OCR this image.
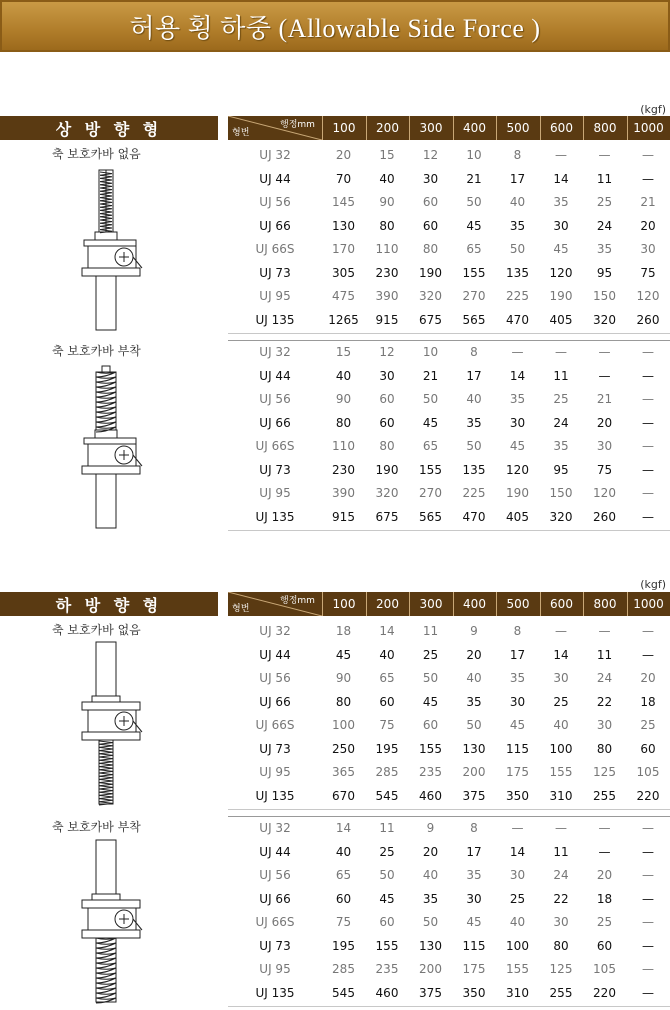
허용 횡 하중 (Allowable Side Force )
(kgf)
상 방 향 형	형번
행정mm	100	200	300	400	500	600	800	1000
축 보호카바 없음	UJ 32	20	15	12	10	8	—	—	—
UJ 44	70	40	30	21	17	14	11	—
UJ 56	145	90	60	50	40	35	25	21
UJ 66	130	80	60	45	35	30	24	20
UJ 66S	170	110	80	65	50	45	35	30
UJ 73	305	230	190	155	135	120	95	75
UJ 95	475	390	320	270	225	190	150	120
UJ 135	1265	915	675	565	470	405	320	260
축 보호카바 부착	UJ 32	15	12	10	8	—	—	—	—
UJ 44	40	30	21	17	14	11	—	—
UJ 56	90	60	50	40	35	25	21	—
UJ 66	80	60	45	35	30	24	20	—
UJ 66S	110	80	65	50	45	35	30	—
UJ 73	230	190	155	135	120	95	75	—
UJ 95	390	320	270	225	190	150	120	—
UJ 135	915	675	565	470	405	320	260	—
(kgf)
하 방 향 형	형번
행정mm	100	200	300	400	500	600	800	1000
축 보호카바 없음	UJ 32	18	14	11	9	8	—	—	—
UJ 44	45	40	25	20	17	14	11	—
UJ 56	90	65	50	40	35	30	24	20
UJ 66	80	60	45	35	30	25	22	18
UJ 66S	100	75	60	50	45	40	30	25
UJ 73	250	195	155	130	115	100	80	60
UJ 95	365	285	235	200	175	155	125	105
UJ 135	670	545	460	375	350	310	255	220
축 보호카바 부착	UJ 32	14	11	9	8	—	—	—	—
UJ 44	40	25	20	17	14	11	—	—
UJ 56	65	50	40	35	30	24	20	—
UJ 66	60	45	35	30	25	22	18	—
UJ 66S	75	60	50	45	40	30	25	—
UJ 73	195	155	130	115	100	80	60	—
UJ 95	285	235	200	175	155	125	105	—
UJ 135	545	460	375	350	310	255	220	—
